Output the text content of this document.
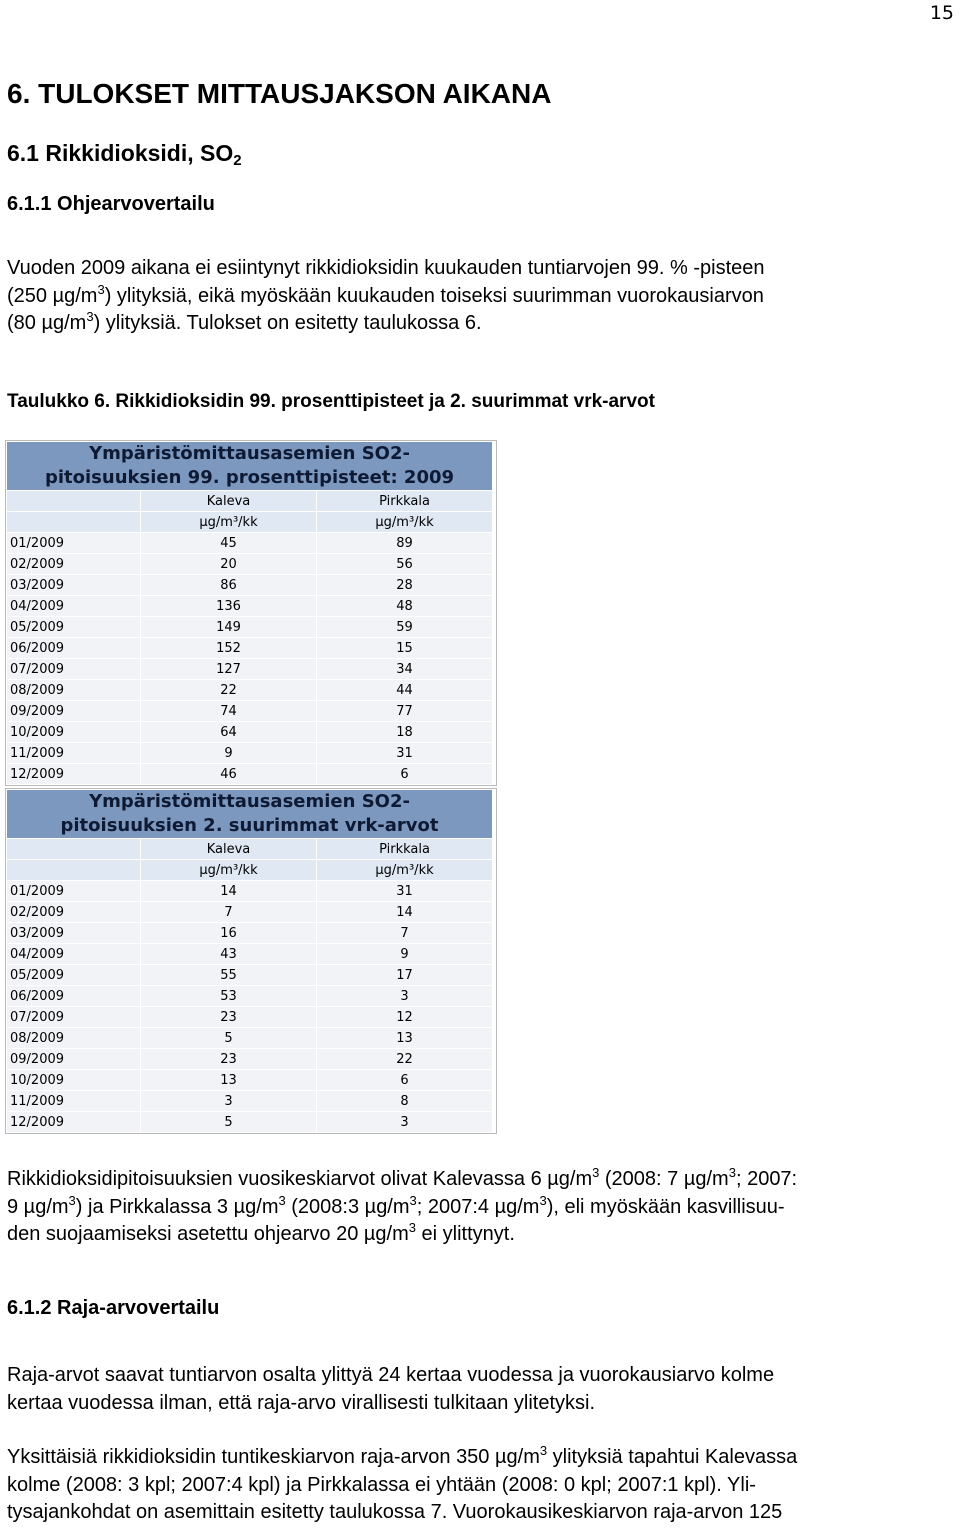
15
6. TULOKSET MITTAUSJAKSON AIKANA
6.1 Rikkidioksidi, $SO_2$
6.1.1 Ohjearvovertailu
Vuoden 2009 aikana ei esiintynyt rikkidioksidin kuukauden tuntiarvojen 99. % -pisteen
(250 $\mu g/m^3$) ylityksiä, eikä myöskään kuukauden toiseksi suurimman vuorokausiarvon
(80 $\mu g/m^3$) ylityksiä. Tulokset on esitetty taulukossa 6.
Taulukko 6. Rikkidioksidin 99. prosenttipisteet ja 2. suurimmat vrk-arvot
Ympäristömittausasemien SO2-
pitoisuuksien 99. prosenttipisteet: 2009		
	Kaleva	Pirkkala
	µg/m³/kk	µg/m³/kk
01/2009	45	89
02/2009	20	56
03/2009	86	28
04/2009	136	48
05/2009	149	59
06/2009	152	15
07/2009	127	34
08/2009	22	44
09/2009	74	77
10/2009	64	18
11/2009	9	31
12/2009	46	6
Ympäristömittausasemien SO2-
pitoisuuksien 2. suurimmat vrk-arvot		
	Kaleva	Pirkkala
	µg/m³/kk	µg/m³/kk
01/2009	14	31
02/2009	7	14
03/2009	16	7
04/2009	43	9
05/2009	55	17
06/2009	53	3
07/2009	23	12
08/2009	5	13
09/2009	23	22
10/2009	13	6
11/2009	3	8
12/2009	5	3
Rikkidioksidipitoisuuksien vuosikeskiarvot olivat Kalevassa 6 $\mu g/m^3$ (2008: 7 $\mu g/m^3$; 2007:
9 $\mu g/m^3$) ja Pirkkalassa 3 $\mu g/m^3$ (2008:3 $\mu g/m^3$; 2007:4 $\mu g/m^3$), eli myöskään kasvillisuu-
den suojaamiseksi asetettu ohjearvo 20 $\mu g/m^3$ ei ylittynyt.
6.1.2 Raja-arvovertailu
Raja-arvot saavat tuntiarvon osalta ylittyä 24 kertaa vuodessa ja vuorokausiarvo kolme
kertaa vuodessa ilman, että raja-arvo virallisesti tulkitaan ylitetyksi.
Yksittäisiä rikkidioksidin tuntikeskiarvon raja-arvon 350 $\mu g/m^3$ ylityksiä tapahtui Kalevassa
kolme (2008: 3 kpl; 2007:4 kpl) ja Pirkkalassa ei yhtään (2008: 0 kpl; 2007:1 kpl). Yli-
tysajankohdat on asemittain esitetty taulukossa 7. Vuorokausikeskiarvon raja-arvon 125
